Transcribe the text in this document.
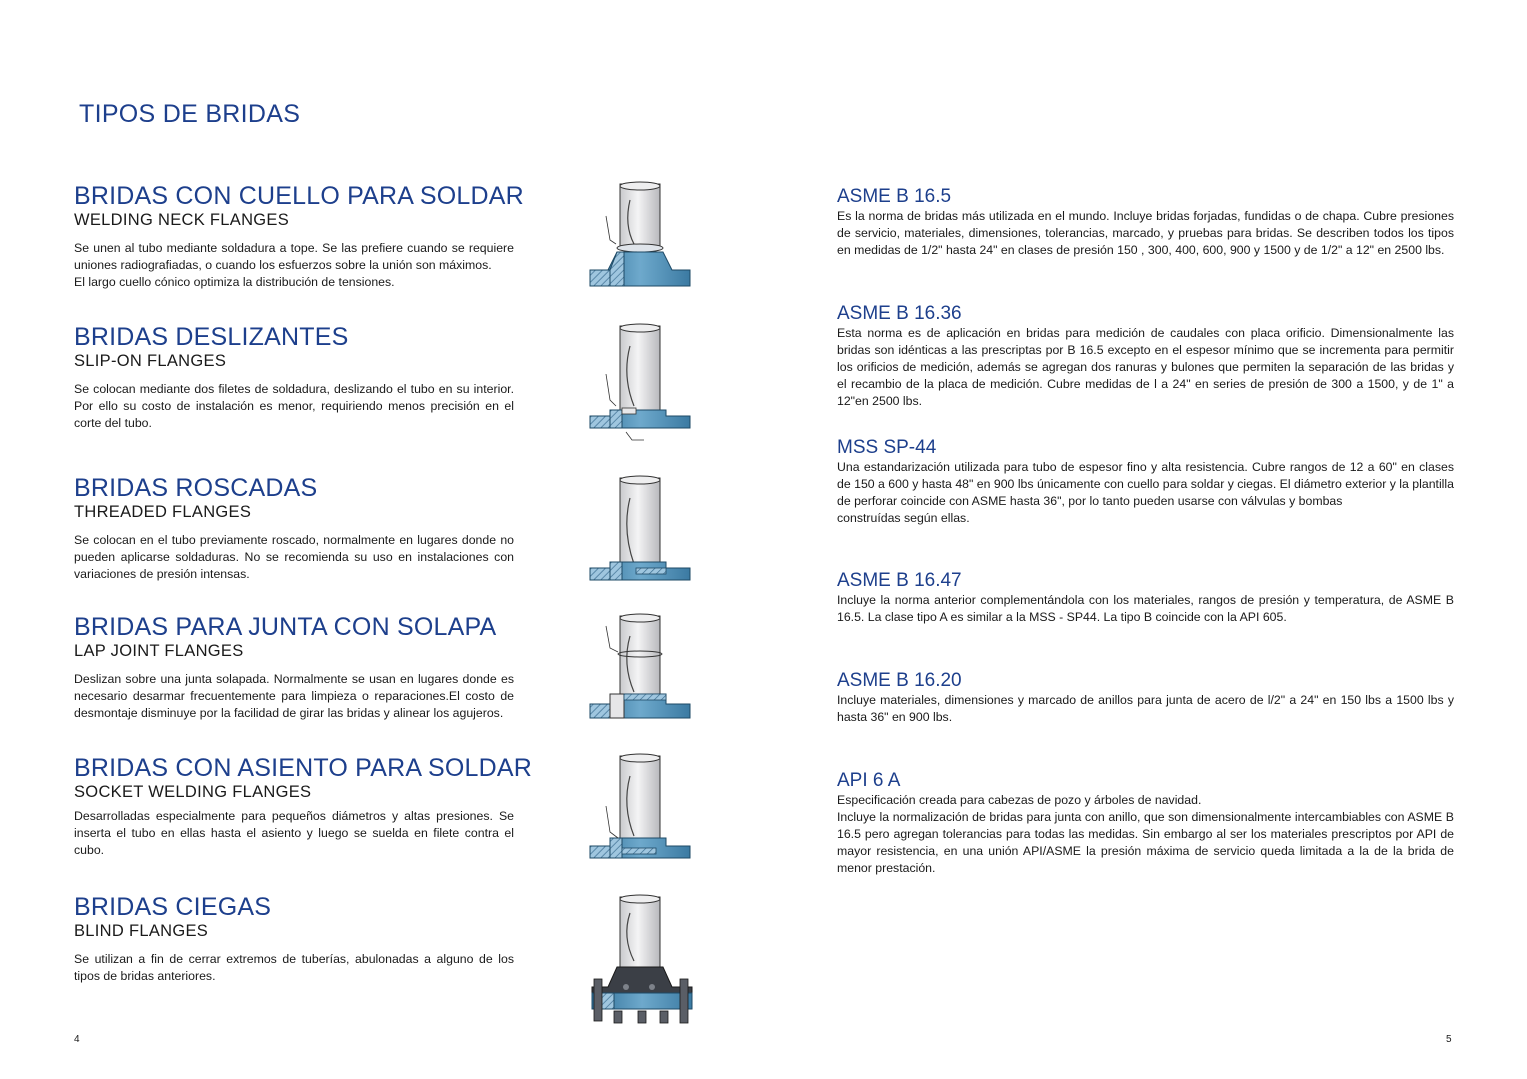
TIPOS DE BRIDAS
BRIDAS CON CUELLO PARA SOLDAR
WELDING NECK FLANGES

Se unen al tubo mediante soldadura a tope. Se las prefiere cuando se requiere uniones radiografiadas, o cuando los esfuerzos sobre la unión son máximos.
El largo cuello cónico optimiza la distribución de tensiones.

BRIDAS DESLIZANTES
SLIP-ON FLANGES

Se colocan mediante dos filetes de soldadura, deslizando el tubo en su interior. Por ello su costo de instalación es menor, requiriendo menos precisión en el corte del tubo.

BRIDAS ROSCADAS
THREADED FLANGES

Se colocan en el tubo previamente roscado, normalmente en lugares donde no pueden aplicarse soldaduras. No se recomienda su uso en instalaciones con variaciones de presión intensas.

BRIDAS PARA JUNTA CON SOLAPA
LAP JOINT FLANGES

Deslizan sobre una junta solapada. Normalmente se usan en lugares donde es necesario desarmar frecuentemente para limpieza o reparaciones.El costo de desmontaje disminuye por la facilidad de girar las bridas y alinear los agujeros.

BRIDAS CON ASIENTO PARA SOLDAR
SOCKET WELDING FLANGES

Desarrolladas especialmente para pequeños diámetros y altas presiones. Se inserta el tubo en ellas hasta el asiento y luego se suelda en filete contra el cubo.

BRIDAS CIEGAS
BLIND FLANGES

Se utilizan a fin de cerrar extremos de tuberías, abulonadas a alguno de los tipos de bridas anteriores.

ASME B 16.5

Es la norma de bridas más utilizada en el mundo. Incluye bridas forjadas, fundidas o de chapa. Cubre presiones de servicio, materiales, dimensiones, tolerancias, marcado, y pruebas para bridas. Se describen todos los tipos en medidas de 1/2" hasta 24" en clases de presión 150 , 300, 400, 600, 900 y 1500 y de 1/2" a 12" en 2500 lbs.

ASME B 16.36

Esta norma es de aplicación en bridas para medición de caudales con placa orificio. Dimensionalmente las bridas son idénticas a las prescriptas por B 16.5 excepto en el espesor mínimo que se incrementa para permitir los orificios de medición, además se agregan dos ranuras y bulones que permiten la separación de las bridas y el recambio de la placa de medición. Cubre medidas de l a 24" en series de presión de 300 a 1500, y de 1" a 12"en 2500 lbs.

MSS SP-44

Una estandarización utilizada para tubo de espesor fino y alta resistencia. Cubre rangos de 12 a 60" en clases de 150 a 600 y hasta 48" en 900 lbs únicamente con cuello para soldar y ciegas. El diámetro exterior y la plantilla de perforar coincide con ASME hasta 36", por lo tanto pueden usarse con válvulas y bombas

construídas según ellas.

ASME B 16.47

Incluye la norma anterior complementándola con los materiales, rangos de presión y temperatura, de ASME B 16.5. La clase tipo A es similar a la MSS - SP44. La tipo B coincide con la API 605.

ASME B 16.20

Incluye materiales, dimensiones y marcado de anillos para junta de acero de l/2" a 24" en 150 lbs a 1500 lbs y hasta 36" en 900 lbs.

API 6 A

Especificación creada para cabezas de pozo y árboles de navidad.

Incluye la normalización de bridas para junta con anillo, que son dimensionalmente intercambiables con ASME B 16.5 pero agregan tolerancias para todas las medidas. Sin embargo al ser los materiales prescriptos por API de mayor resistencia, en una unión API/ASME la presión máxima de servicio queda limitada a la de la brida de menor prestación.

4	5
